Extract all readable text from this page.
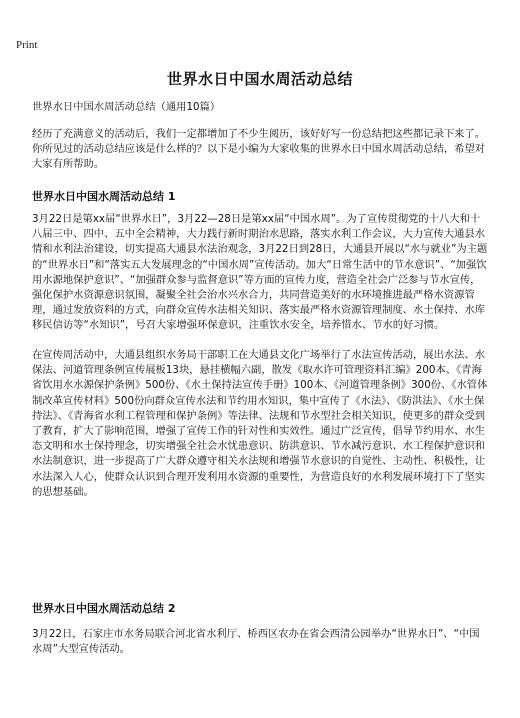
Print
世界水日中国水周活动总结
世界水日中国水周活动总结（通用10篇）

经历了充满意义的活动后，我们一定都增加了不少生阅历，该好好写一份总结把这些都记录下来了。你所见过的活动总结应该是什么样的？以下是小编为大家收集的世界水日中国水周活动总结，希望对大家有所帮助。

世界水日中国水周活动总结 1

3月22日是第xx届“世界水日”，3月22—28日是第xx届“中国水周”。为了宣传贯彻党的十八大和十八届三中、四中、五中全会精神，大力践行新时期治水思路，落实水利工作会议，大力宣传大通县水情和水利法治建设，切实提高大通县水法治观念，3月22日到28日，大通县开展以“水与就业”为主题的“世界水日”和“落实五大发展理念的“中国水周”宣传活动。加大“日常生活中的节水意识”、“加强饮用水源地保护意识”、“加强群众参与监督意识”等方面的宣传力度，营造全社会广泛参与节水宣传，强化保护水资源意识氛围，凝聚全社会治水兴水合力，共同营造美好的水环境推进最严格水资源管理，通过发放资料的方式，向群众宣传水法相关知识、落实最严格水资源管理制度、水土保持、水库移民信访等“水知识”，号召大家增强环保意识，注重饮水安全，培养惜水、节水的好习惯。

在宣传周活动中，大通县组织水务局干部职工在大通县文化广场举行了水法宣传活动，展出水法、水保法、河道管理条例宣传展板13块，悬挂横幅六副，散发《取水许可管理资料汇编》200本、《青海省饮用水水源保护条例》500份、《水土保持法宣传手册》100本、《河道管理条例》300份、《水管体制改革宣传材料》500份向群众宣传水法和节约用水知识，集中宣传了《水法》、《防洪法》、《水土保持法》、《青海省水利工程管理和保护条例》等法律、法规和节水型社会相关知识，使更多的群众受到了教育，扩大了影响范围，增强了宣传工作的针对性和实效性。通过广泛宣传，倡导节约用水、水生态文明和水土保持理念，切实增强全社会水忧患意识、防洪意识、节水减污意识、水工程保护意识和水法制意识，进一步提高了广大群众遵守相关水法规和增强节水意识的自觉性、主动性、积极性，让水法深入人心，使群众认识到合理开发利用水资源的重要性，为营造良好的水利发展环境打下了坚实的思想基础。

世界水日中国水周活动总结 2

3月22日，石家庄市水务局联合河北省水利厅、桥西区农办在省会西清公园举办“世界水日”、“中国水周”大型宣传活动。
